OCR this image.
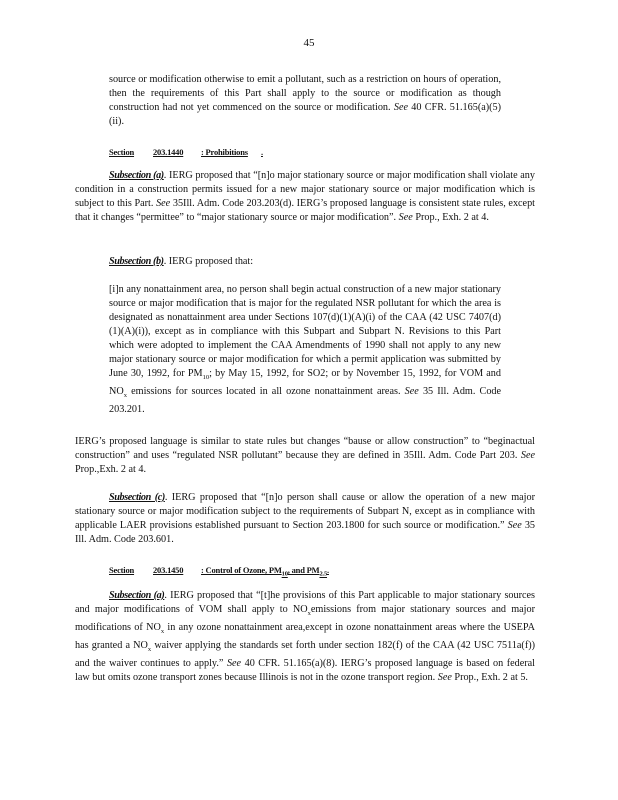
45
source or modification otherwise to emit a pollutant, such as a restriction on hours of operation, then the requirements of this Part shall apply to the source or modification as though construction had not yet commenced on the source or modification. See 40 CFR. 51.165(a)(5)(ii).
Section 203.1440 : Prohibitions .
Subsection (a). IERG proposed that “[n]o major stationary source or major modification shall violate any condition in a construction permits issued for a new major stationary source or major modification which is subject to this Part. See 35Ill. Adm. Code 203.203(d). IERG’s proposed language is consistent state rules, except that it changes “permittee” to “major stationary source or major modification”. See Prop., Exh. 2 at 4.
Subsection (b). IERG proposed that:
[i]n any nonattainment area, no person shall begin actual construction of a new major stationary source or major modification that is major for the regulated NSR pollutant for which the area is designated as nonattainment area under Sections 107(d)(1)(A)(i) of the CAA (42 USC 7407(d)(1)(A)(i)), except as in compliance with this Subpart and Subpart N. Revisions to this Part which were adopted to implement the CAA Amendments of 1990 shall not apply to any new major stationary source or major modification for which a permit application was submitted by June 30, 1992, for $PM_{10}$; by May 15, 1992, for SO2; or by November 15, 1992, for VOM and $NO_x$ emissions for sources located in all ozone nonattainment areas. See 35 Ill. Adm. Code 203.201.
IERG’s proposed language is similar to state rules but changes “bause or allow construction” to “beginactual construction” and uses “regulated NSR pollutant” because they are defined in 35Ill. Adm. Code Part 203. See Prop.,Exh. 2 at 4.
Subsection (c). IERG proposed that “[n]o person shall cause or allow the operation of a new major stationary source or major modification subject to the requirements of Subpart N, except as in compliance with applicable LAER provisions established pursuant to Section 203.1800 for such source or modification.” See 35 Ill. Adm. Code 203.601.
Section 203.1450 : Control of Ozone, $PM_{10}$, and $PM_{2.5}$.
Subsection (a). IERG proposed that “[t]he provisions of this Part applicable to major stationary sources and major modifications of VOM shall apply to $NO_xemissions$ from major stationary sources and major modifications of $NO_x$ in any ozone nonattainment area,except in ozone nonattainment areas where the USEPA has granted a $NO_x$ waiver applying the standards set forth under section 182(f) of the CAA (42 USC 7511a(f)) and the waiver continues to apply.” See 40 CFR. 51.165(a)(8). IERG’s proposed language is based on federal law but omits ozone transport zones because Illinois is not in the ozone transport region. See Prop., Exh. 2 at 5.
